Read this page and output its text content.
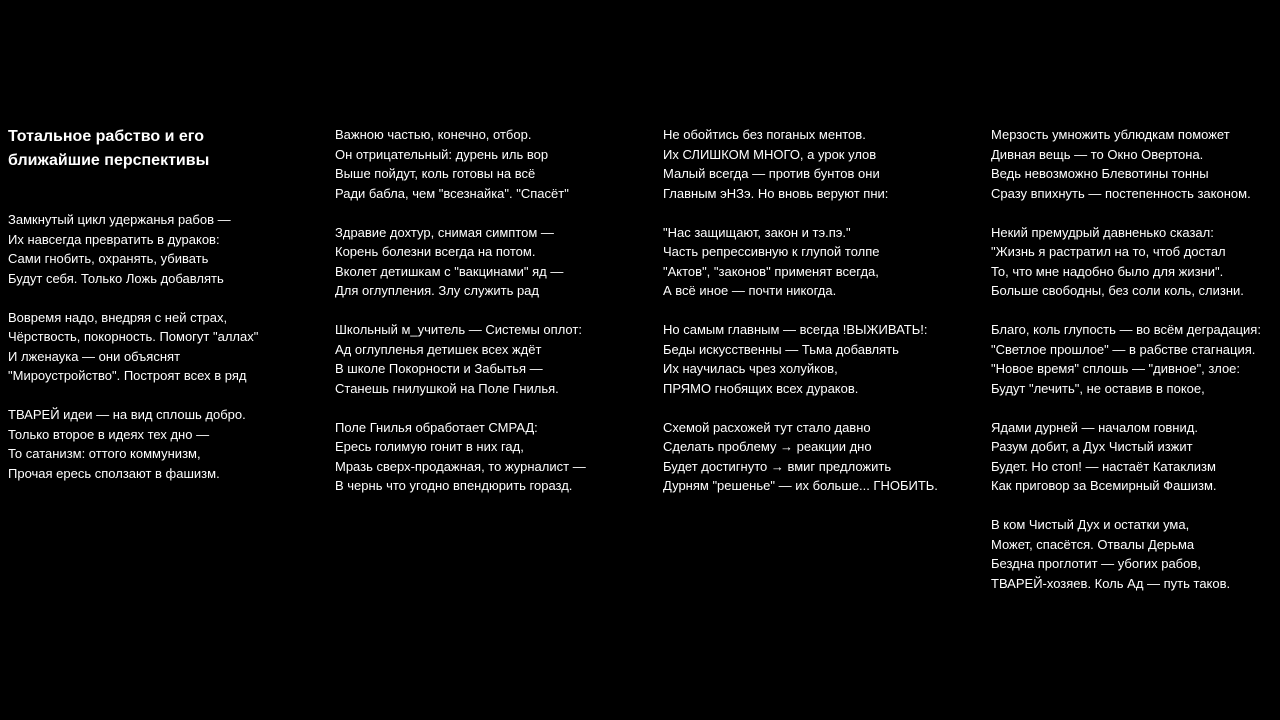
Тотальное рабство и его ближайшие перспективы
Замкнутый цикл удержанья рабов —
Их навсегда превратить в дураков:
Сами гнобить, охранять, убивать
Будут себя. Только Ложь добавлять
Вовремя надо, внедряя с ней страх,
Чёрствость, покорность. Помогут "аллах"
И лженаука — они объяснят
"Мироустройство". Построят всех в ряд
ТВАРЕЙ идеи — на вид сплошь добро.
Только второе в идеях тех дно —
То сатанизм: оттого коммунизм,
Прочая ересь сползают в фашизм.
Важною частью, конечно, отбор.
Он отрицательный: дурень иль вор
Выше пойдут, коль готовы на всё
Ради бабла, чем "всезнайка". "Спасёт"
Здравие дохтур, снимая симптом —
Корень болезни всегда на потом.
Вколет детишкам с "вакцинами" яд —
Для оглупления. Злу служить рад
Школьный м_учитель — Системы оплот:
Ад оглупленья детишек всех ждёт
В школе Покорности и Забытья —
Станешь гнилушкой на Поле Гнилья.
Поле Гнилья обработает СМРАД:
Ересь голимую гонит в них гад,
Мразь сверх-продажная, то журналист —
В чернь что угодно впендюрить горазд.
Не обойтись без поганых ментов.
Их СЛИШКОМ МНОГО, а урок улов
Малый всегда — против бунтов они
Главным эНЗэ. Но вновь веруют пни:
"Нас защищают, закон и тэ.пэ."
Часть репрессивную к глупой толпе
"Актов", "законов" применят всегда,
А всё иное — почти никогда.
Но самым главным — всегда !ВЫЖИВАТЬ!:
Беды искусственны — Тьма добавлять
Их научилась чрез холуйков,
ПРЯМО гнобящих всех дураков.
Схемой расхожей тут стало давно
Сделать проблему → реакции дно
Будет достигнуто → вмиг предложить
Дурням "решенье" — их больше... ГНОБИТЬ.
Мерзость умножить ублюдкам поможет
Дивная вещь — то Окно Овертона.
Ведь невозможно Блевотины тонны
Сразу впихнуть — постепенность законом.
Некий премудрый давненько сказал:
"Жизнь я растратил на то, чтоб достал
То, что мне надобно было для жизни".
Больше свободны, без соли коль, слизни.
Благо, коль глупость — во всём деградация:
"Светлое прошлое" — в рабстве стагнация.
"Новое время" сплошь — "дивное", злое:
Будут "лечить", не оставив в покое,
Ядами дурней — началом говнид.
Разум добит, а Дух Чистый изжит
Будет. Но стоп! — настаёт Катаклизм
Как приговор за Всемирный Фашизм.
В ком Чистый Дух и остатки ума,
Может, спасётся. Отвалы Дерьма
Бездна проглотит — убогих рабов,
ТВАРЕЙ-хозяев. Коль Ад — путь таков.
